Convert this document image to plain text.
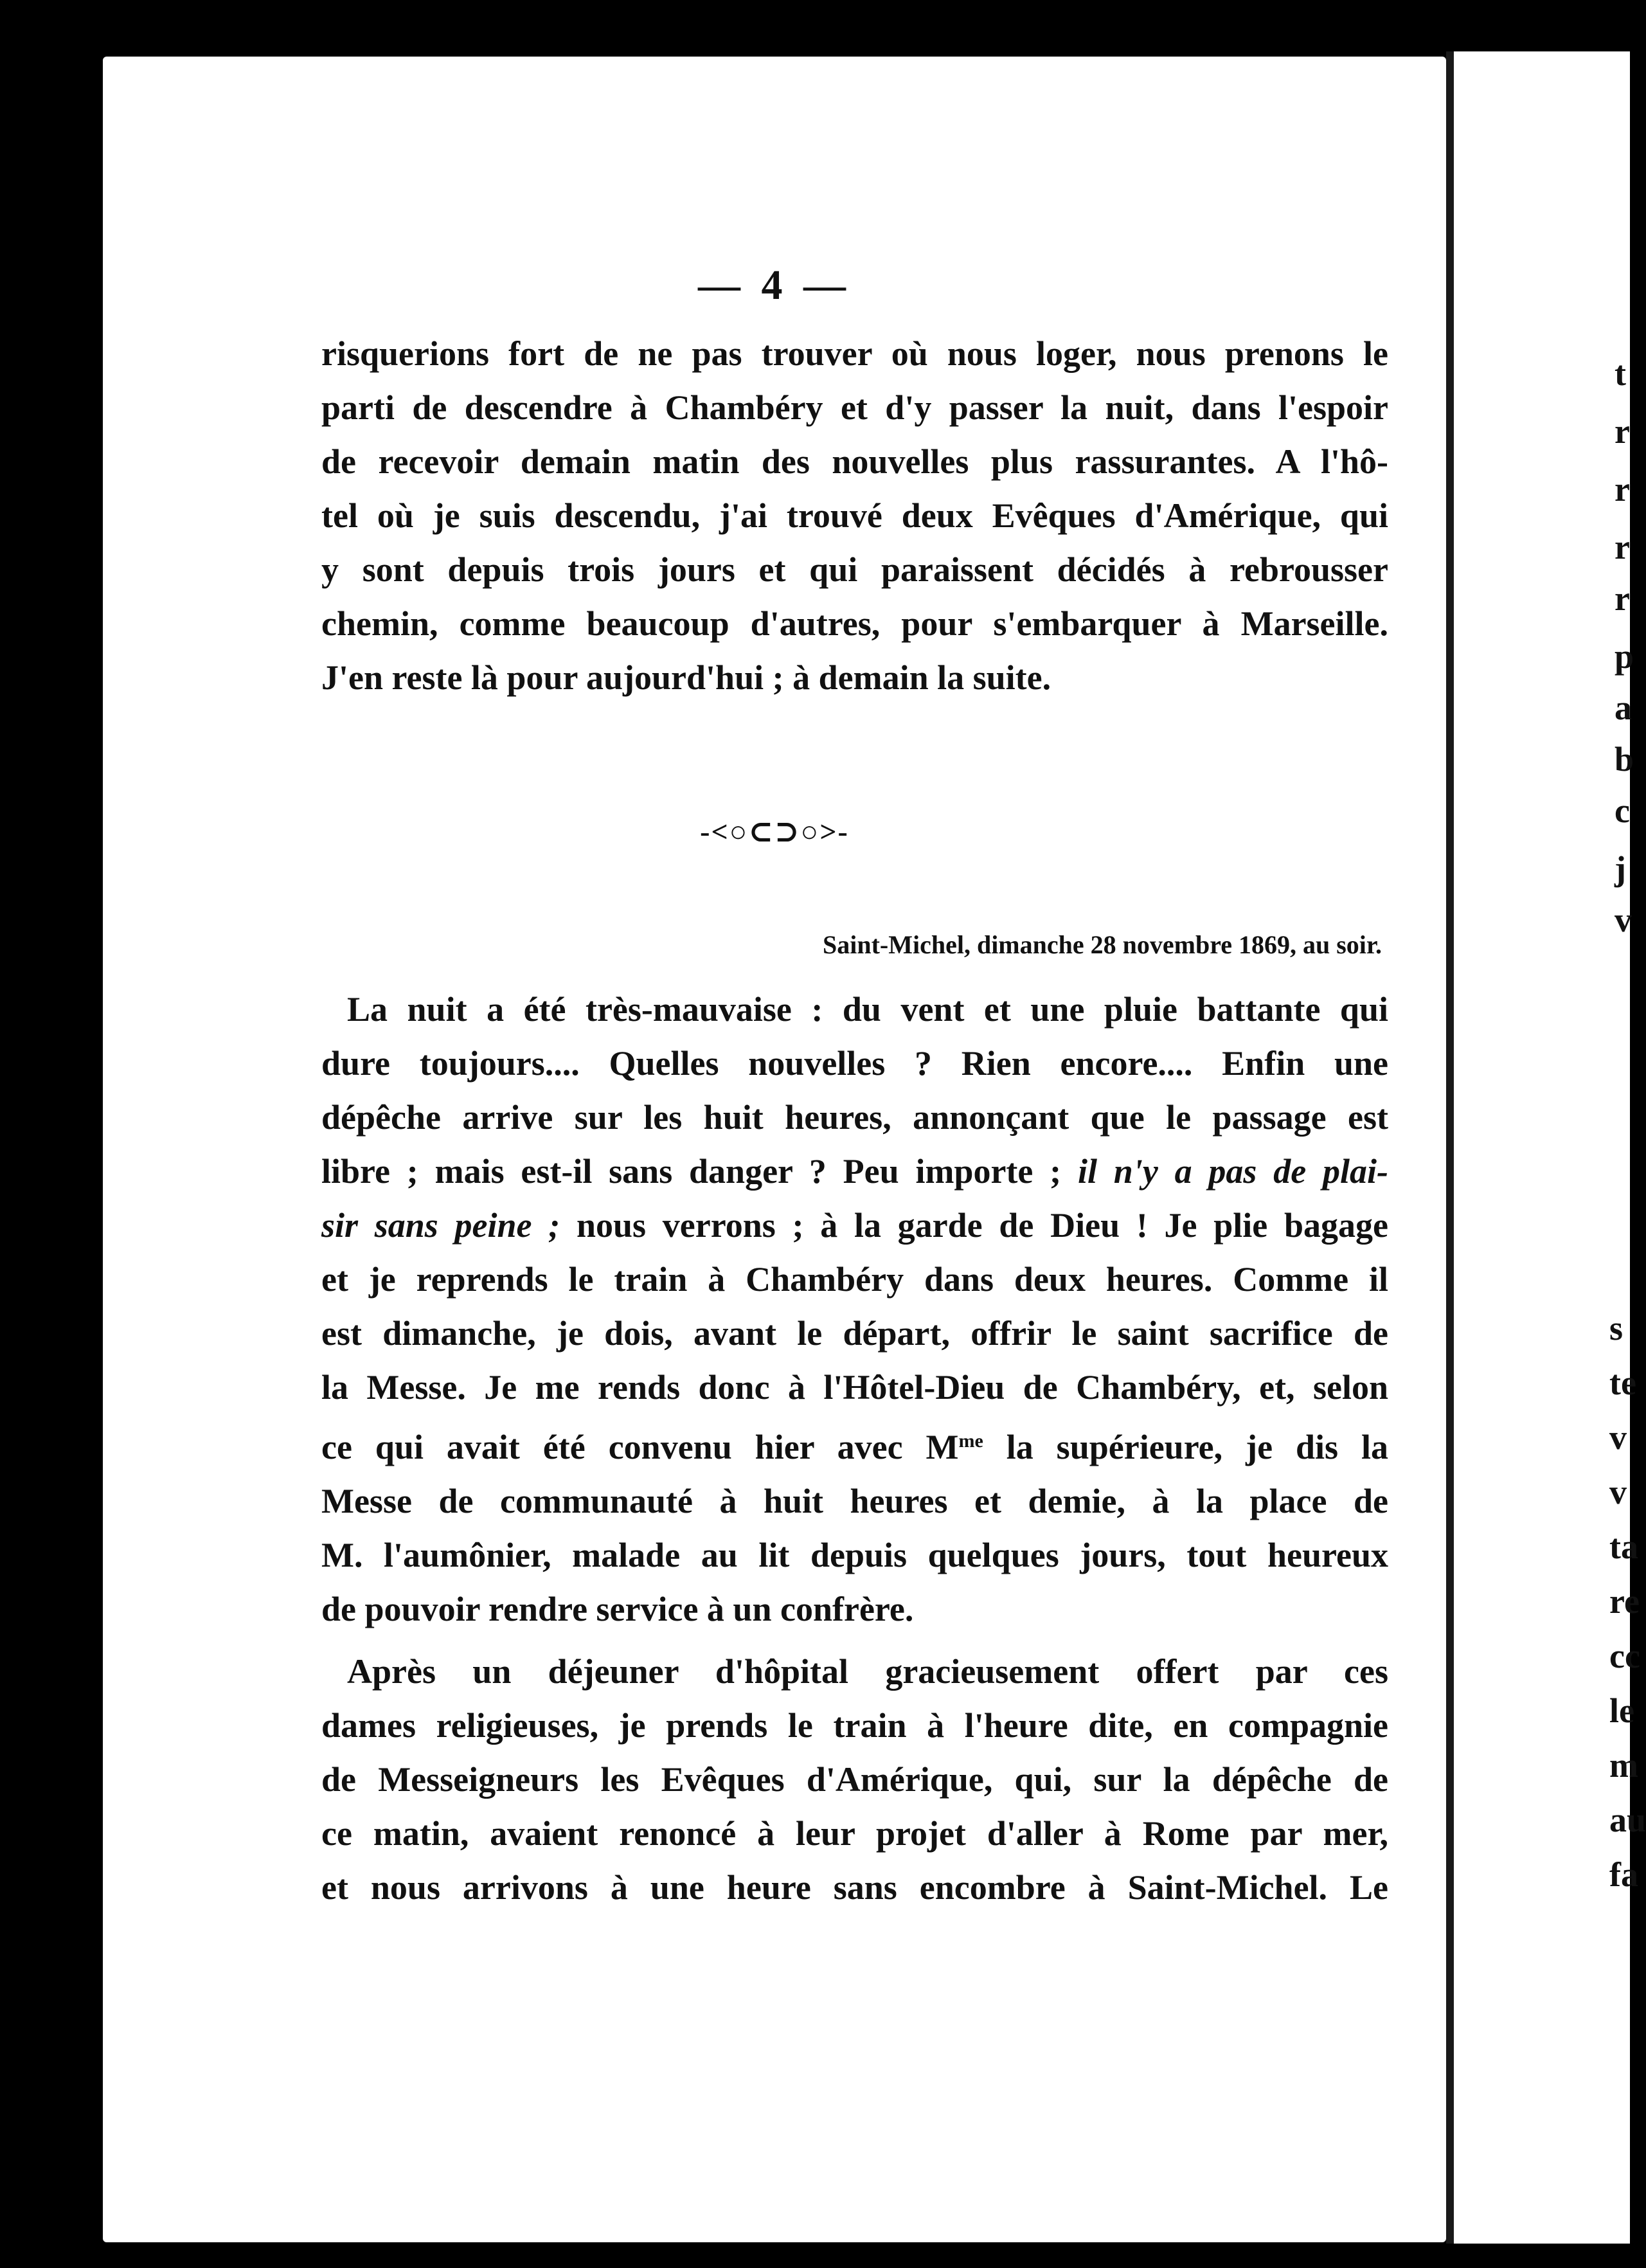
— 4 —
risquerions fort de ne pas trouver où nous loger, nous prenons le
parti de descendre à Chambéry et d'y passer la nuit, dans l'espoir
de recevoir demain matin des nouvelles plus rassurantes. A l'hô-
tel où je suis descendu, j'ai trouvé deux Evêques d'Amérique, qui
y sont depuis trois jours et qui paraissent décidés à rebrousser
chemin, comme beaucoup d'autres, pour s'embarquer à Marseille.
J'en reste là pour aujourd'hui ; à demain la suite.
-<○⊂⊃○>-
Saint-Michel, dimanche 28 novembre 1869, au soir.
La nuit a été très-mauvaise : du vent et une pluie battante qui
dure toujours.... Quelles nouvelles ? Rien encore.... Enfin une
dépêche arrive sur les huit heures, annonçant que le passage est
libre ; mais est-il sans danger ? Peu importe ; il n'y a pas de plai-
sir sans peine ; nous verrons ; à la garde de Dieu ! Je plie bagage
et je reprends le train à Chambéry dans deux heures. Comme il
est dimanche, je dois, avant le départ, offrir le saint sacrifice de
la Messe. Je me rends donc à l'Hôtel-Dieu de Chambéry, et, selon
ce qui avait été convenu hier avec $M^{me}$ la supérieure, je dis la
Messe de communauté à huit heures et demie, à la place de
M. l'aumônier, malade au lit depuis quelques jours, tout heureux
de pouvoir rendre service à un confrère.
Après un déjeuner d'hôpital gracieusement offert par ces
dames religieuses, je prends le train à l'heure dite, en compagnie
de Messeigneurs les Evêques d'Amérique, qui, sur la dépêche de
ce matin, avaient renoncé à leur projet d'aller à Rome par mer,
et nous arrivons à une heure sans encombre à Saint-Michel. Le
t
r
r
r
r
p
a
b
c
j
v
s
te
v
v
ta
re
cc
le
m
au
fa
